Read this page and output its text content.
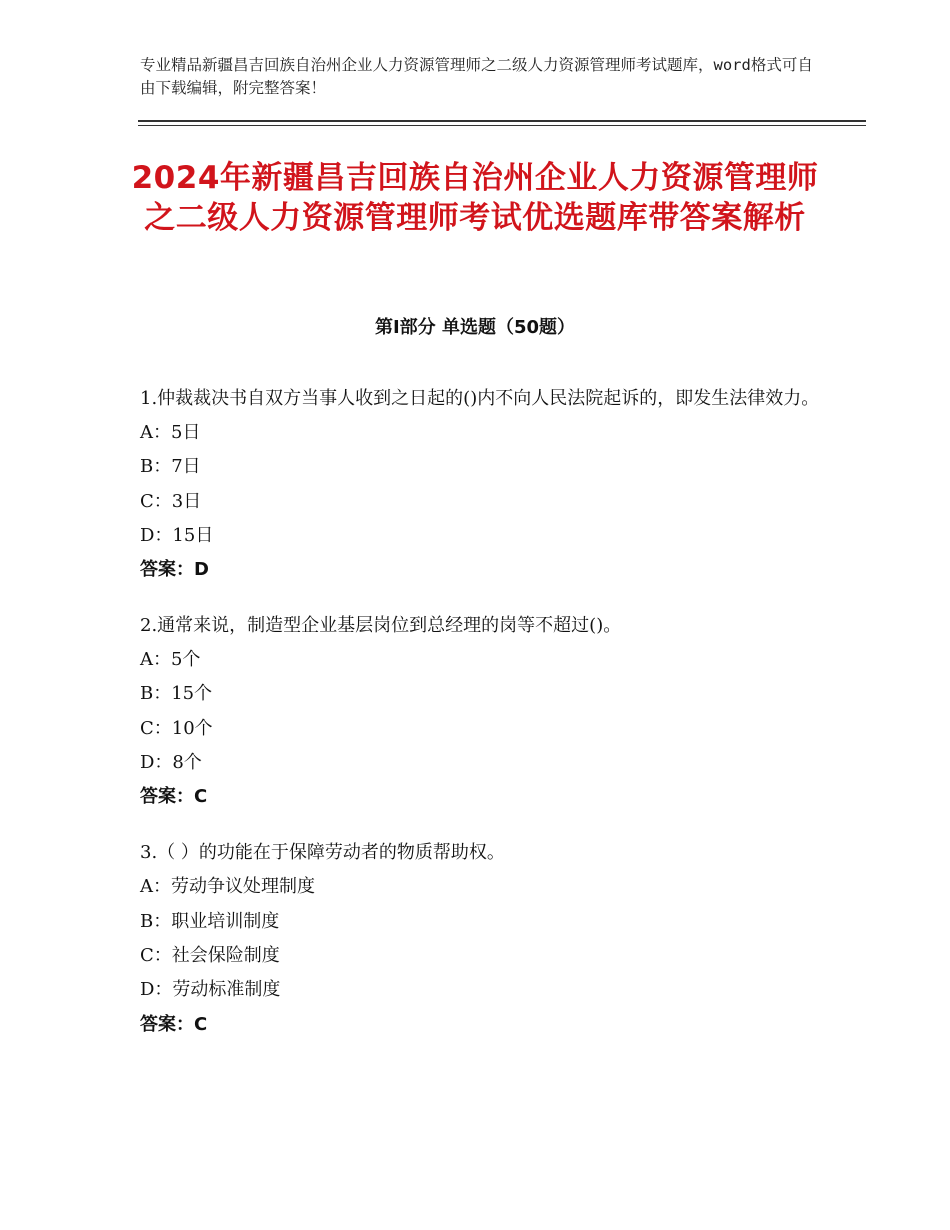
专业精品新疆昌吉回族自治州企业人力资源管理师之二级人力资源管理师考试题库，word格式可自由下载编辑，附完整答案！
2024年新疆昌吉回族自治州企业人力资源管理师之二级人力资源管理师考试优选题库带答案解析
第Ⅰ部分 单选题（50题）

1.仲裁裁决书自双方当事人收到之日起的()内不向人民法院起诉的，即发生法律效力。

A：5日

B：7日

C：3日

D：15日

答案：D

2.通常来说，制造型企业基层岗位到总经理的岗等不超过()。

A：5个

B：15个

C：10个

D：8个

答案：C

3.（ ）的功能在于保障劳动者的物质帮助权。

A：劳动争议处理制度

B：职业培训制度

C：社会保险制度

D：劳动标准制度

答案：C
